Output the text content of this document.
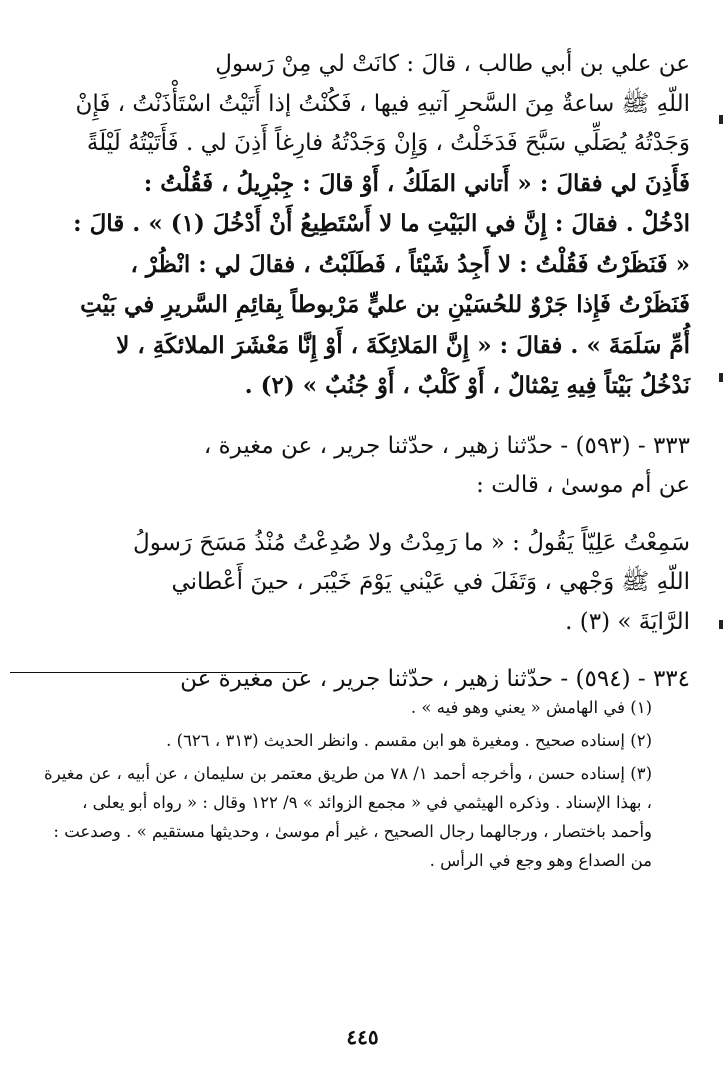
عن علي بن أبي طالب ، قالَ : كانَتْ لي مِنْ رَسولِ
اللّهِ ﷺ ساعةٌ مِنَ السَّحرِ آتيهِ فيها ، فَكُنْتُ إذا أَتَيْتُ اسْتَأْذَنْتُ ، فَإِنْ
وَجَدْتُهُ يُصَلِّي سَبَّحَ فَدَخَلْتُ ، وَإِنْ وَجَدْتُهُ فارِغاً أَذِنَ لي . فَأَتَيْتُهُ لَيْلَةً
فَأَذِنَ لي فقالَ : « أَتاني المَلَكُ ، أَوْ قالَ : جِبْرِيلُ ، فَقُلْتُ :
ادْخُلْ . فقالَ : إِنَّ في البَيْتِ ما لا أَسْتَطِيعُ أَنْ أَدْخُلَ (١) » . قالَ :
« فَنَظَرْتُ فَقُلْتُ : لا أَجِدُ شَيْئاً ، فَطَلَبْتُ ، فقالَ لي : انْظُرْ ،
فَنَظَرْتُ فَإِذا جَرْوٌ للحُسَيْنِ بن عليٍّ مَرْبوطاً بِقائِمِ السَّريرِ في بَيْتِ
أُمِّ سَلَمَةَ » . فقالَ : « إِنَّ المَلائِكَةَ ، أَوْ إِنَّا مَعْشَرَ الملائكَةِ ، لا
نَدْخُلُ بَيْتاً فِيهِ تِمْثالٌ ، أَوْ كَلْبٌ ، أَوْ جُنُبٌ » (٢) .

٣٣٣ - (٥٩٣) - حدّثنا زهير ، حدّثنا جرير ، عن مغيرة ،
عن أم موسىٰ ، قالت :

سَمِعْتُ عَلِيّاً يَقُولُ : « ما رَمِدْتُ ولا صُدِعْتُ مُنْذُ مَسَحَ رَسولُ
اللّهِ ﷺ وَجْهي ، وَتَفَلَ في عَيْني يَوْمَ خَيْبَر ، حينَ أَعْطاني
الرَّايَةَ » (٣) .

٣٣٤ - (٥٩٤) - حدّثنا زهير ، حدّثنا جرير ، عن مغيرة عن

(١) في الهامش « يعني وهو فيه » .

(٢) إسناده صحيح . ومغيرة هو ابن مقسم . وانظر الحديث (٣١٣ ، ٦٢٦) .

(٣) إسناده حسن ، وأخرجه أحمد ١/ ٧٨ من طريق معتمر بن سليمان ، عن أبيه ، عن مغيرة ، بهذا الإسناد . وذكره الهيثمي في « مجمع الزوائد » ٩/ ١٢٢ وقال : « رواه أبو يعلى ، وأحمد باختصار ، ورجالهما رجال الصحيح ، غير أم موسىٰ ، وحديثها مستقيم » . وصدعت : من الصداع وهو وجع في الرأس .

٤٤٥
